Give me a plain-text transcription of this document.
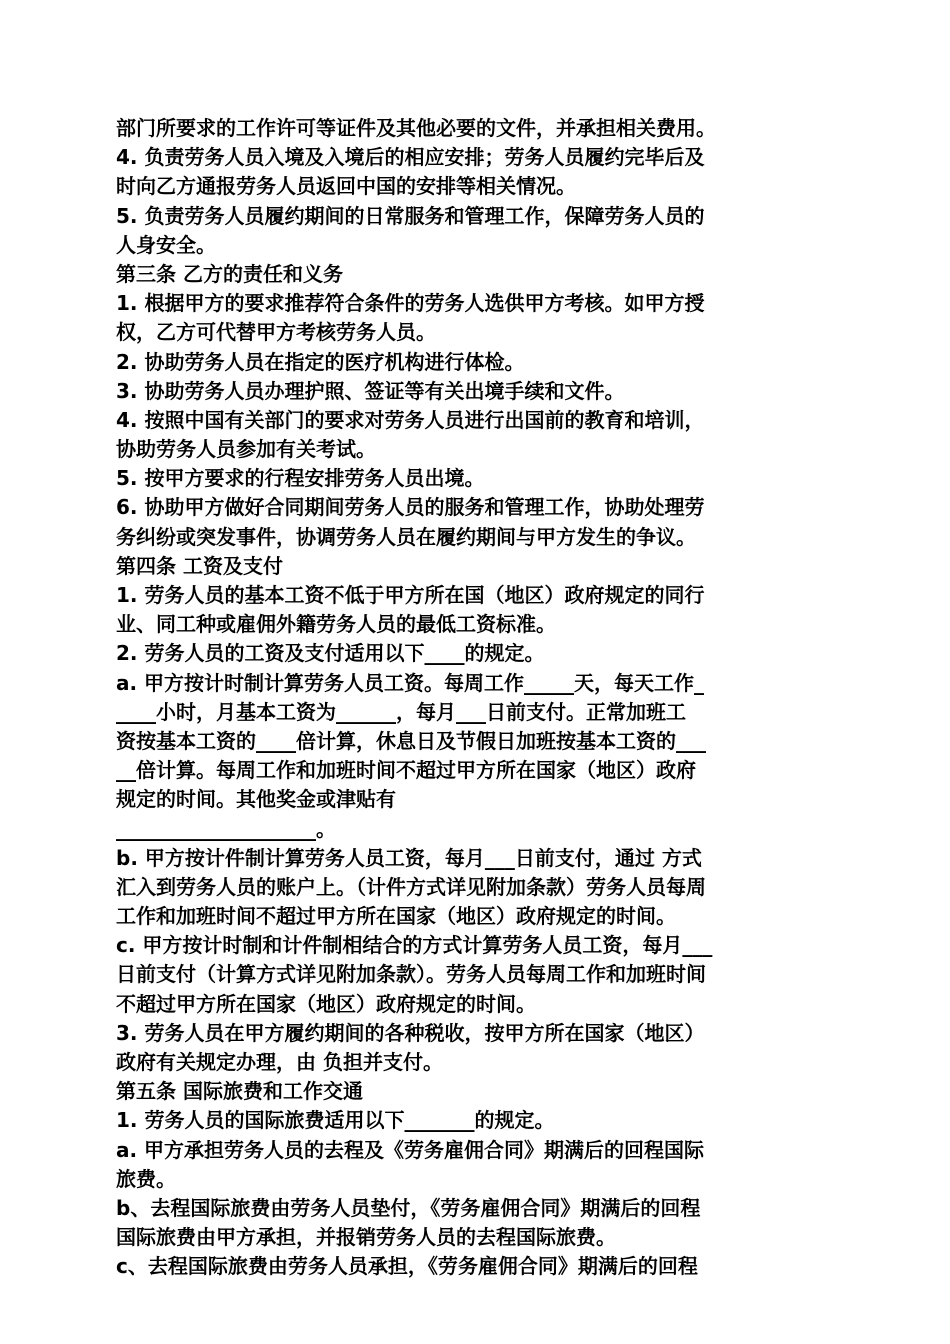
部门所要求的工作许可等证件及其他必要的文件，并承担相关费用。
4. 负责劳务人员入境及入境后的相应安排；劳务人员履约完毕后及
时向乙方通报劳务人员返回中国的安排等相关情况。
5. 负责劳务人员履约期间的日常服务和管理工作，保障劳务人员的
人身安全。
第三条 乙方的责任和义务
1. 根据甲方的要求推荐符合条件的劳务人选供甲方考核。如甲方授
权，乙方可代替甲方考核劳务人员。
2. 协助劳务人员在指定的医疗机构进行体检。
3. 协助劳务人员办理护照、签证等有关出境手续和文件。
4. 按照中国有关部门的要求对劳务人员进行出国前的教育和培训，
协助劳务人员参加有关考试。
5. 按甲方要求的行程安排劳务人员出境。
6. 协助甲方做好合同期间劳务人员的服务和管理工作，协助处理劳
务纠纷或突发事件，协调劳务人员在履约期间与甲方发生的争议。
第四条 工资及支付
1. 劳务人员的基本工资不低于甲方所在国（地区）政府规定的同行
业、同工种或雇佣外籍劳务人员的最低工资标准。
2. 劳务人员的工资及支付适用以下____的规定。
a. 甲方按计时制计算劳务人员工资。每周工作_____天，每天工作_
____小时，月基本工资为______，每月___日前支付。正常加班工
资按基本工资的____倍计算，休息日及节假日加班按基本工资的___
__倍计算。每周工作和加班时间不超过甲方所在国家（地区）政府
规定的时间。其他奖金或津贴有
____________________。
b. 甲方按计件制计算劳务人员工资，每月___日前支付，通过 方式
汇入到劳务人员的账户上。（计件方式详见附加条款）劳务人员每周
工作和加班时间不超过甲方所在国家（地区）政府规定的时间。
c. 甲方按计时制和计件制相结合的方式计算劳务人员工资，每月___
日前支付（计算方式详见附加条款）。劳务人员每周工作和加班时间
不超过甲方所在国家（地区）政府规定的时间。
3. 劳务人员在甲方履约期间的各种税收，按甲方所在国家（地区）
政府有关规定办理，由 负担并支付。
第五条 国际旅费和工作交通
1. 劳务人员的国际旅费适用以下_______的规定。
a. 甲方承担劳务人员的去程及《劳务雇佣合同》期满后的回程国际
旅费。
b、去程国际旅费由劳务人员垫付，《劳务雇佣合同》期满后的回程
国际旅费由甲方承担，并报销劳务人员的去程国际旅费。
c、去程国际旅费由劳务人员承担，《劳务雇佣合同》期满后的回程
